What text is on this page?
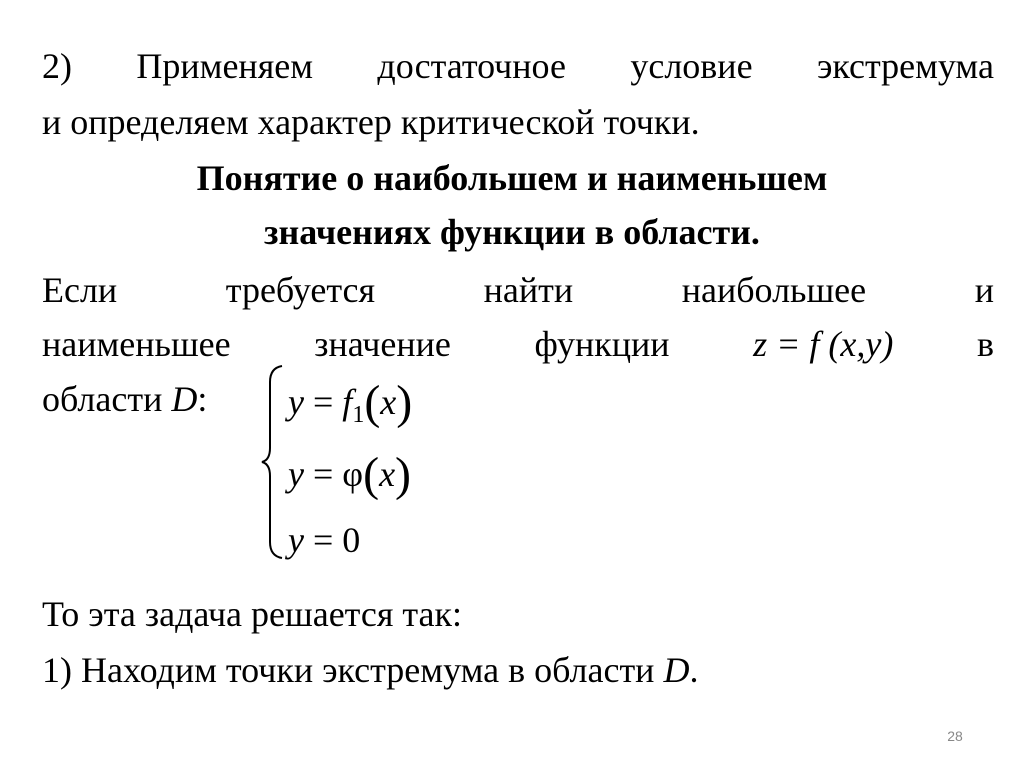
2) Применяем достаточное условие экстремума
и определяем характер критической точки.
Понятие о наибольшем и наименьшем
значениях функции в области.
Если	требуется	найти	наибольшее	и
наименьшее значение функции z = f (x,y) в
области D: $y = f_1(x)$
y = φ(x)
y = 0
То эта задача решается так:
1) Находим точки экстремума в области D.
28
